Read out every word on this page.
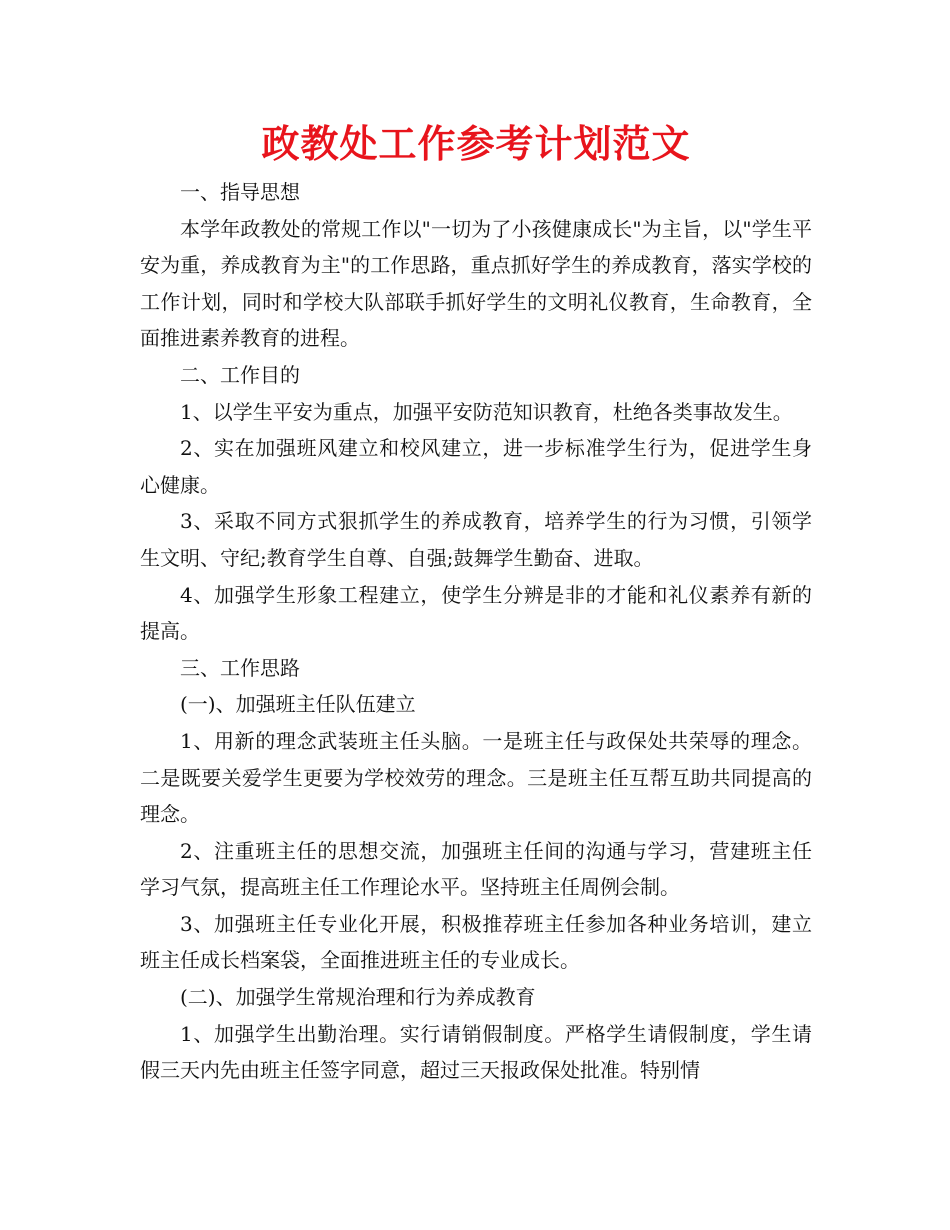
政教处工作参考计划范文

一、指导思想

本学年政教处的常规工作以"一切为了小孩健康成长"为主旨，以"学生平安为重，养成教育为主"的工作思路，重点抓好学生的养成教育，落实学校的工作计划，同时和学校大队部联手抓好学生的文明礼仪教育，生命教育，全面推进素养教育的进程。

二、工作目的

1、以学生平安为重点，加强平安防范知识教育，杜绝各类事故发生。

2、实在加强班风建立和校风建立，进一步标准学生行为，促进学生身心健康。

3、采取不同方式狠抓学生的养成教育，培养学生的行为习惯，引领学生文明、守纪;教育学生自尊、自强;鼓舞学生勤奋、进取。

4、加强学生形象工程建立，使学生分辨是非的才能和礼仪素养有新的提高。

三、工作思路

(一)、加强班主任队伍建立

1、用新的理念武装班主任头脑。一是班主任与政保处共荣辱的理念。二是既要关爱学生更要为学校效劳的理念。三是班主任互帮互助共同提高的理念。

2、注重班主任的思想交流，加强班主任间的沟通与学习，营建班主任学习气氛，提高班主任工作理论水平。坚持班主任周例会制。

3、加强班主任专业化开展，积极推荐班主任参加各种业务培训，建立班主任成长档案袋，全面推进班主任的专业成长。

(二)、加强学生常规治理和行为养成教育

1、加强学生出勤治理。实行请销假制度。严格学生请假制度，学生请假三天内先由班主任签字同意，超过三天报政保处批准。特别情
